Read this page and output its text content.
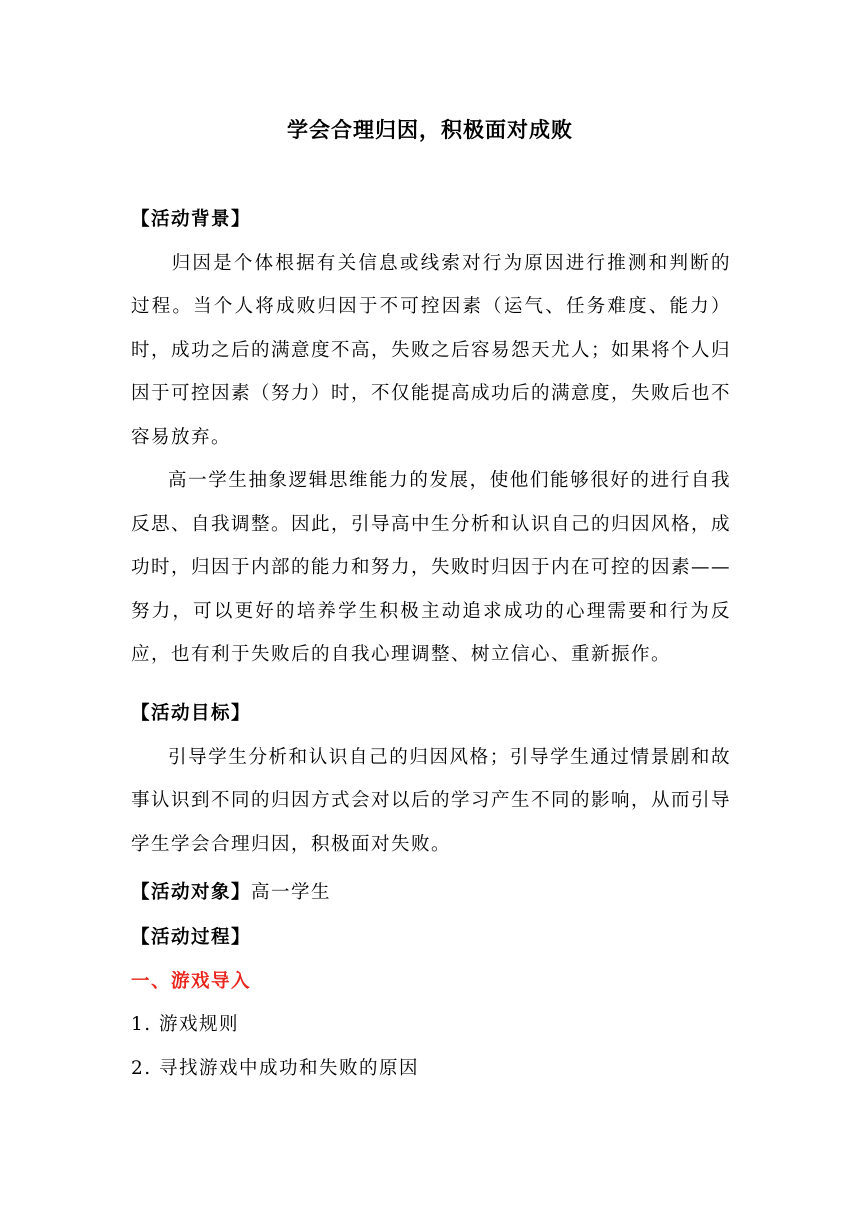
学会合理归因，积极面对成败
【活动背景】

归因是个体根据有关信息或线索对行为原因进行推测和判断的过程。当个人将成败归因于不可控因素（运气、任务难度、能力）时，成功之后的满意度不高，失败之后容易怨天尤人；如果将个人归因于可控因素（努力）时，不仅能提高成功后的满意度，失败后也不容易放弃。

高一学生抽象逻辑思维能力的发展，使他们能够很好的进行自我反思、自我调整。因此，引导高中生分析和认识自己的归因风格，成功时，归因于内部的能力和努力，失败时归因于内在可控的因素——努力，可以更好的培养学生积极主动追求成功的心理需要和行为反应，也有利于失败后的自我心理调整、树立信心、重新振作。

【活动目标】

引导学生分析和认识自己的归因风格；引导学生通过情景剧和故事认识到不同的归因方式会对以后的学习产生不同的影响，从而引导学生学会合理归因，积极面对失败。

【活动对象】高一学生
【活动过程】
一、游戏导入
1. 游戏规则
2. 寻找游戏中成功和失败的原因
